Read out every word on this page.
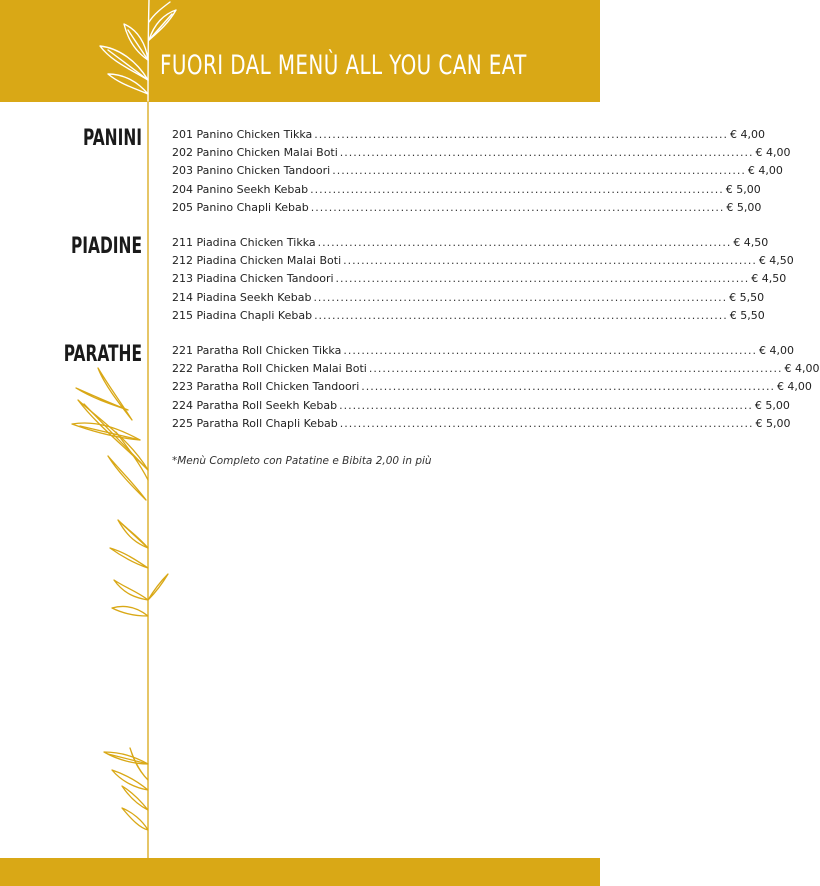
FUORI DAL MENÙ ALL YOU CAN EAT
PANINI	201 Panino Chicken Tikka ............................................................................................ € 4,00
202 Panino Chicken Malai Boti ............................................................................................ € 4,00
203 Panino Chicken Tandoori ............................................................................................ € 4,00
204 Panino Seekh Kebab ............................................................................................ € 5,00
205 Panino Chapli Kebab ............................................................................................ € 5,00
PIADINE	211 Piadina Chicken Tikka ............................................................................................ € 4,50
212 Piadina Chicken Malai Boti ............................................................................................ € 4,50
213 Piadina Chicken Tandoori ............................................................................................ € 4,50
214 Piadina Seekh Kebab ............................................................................................ € 5,50
215 Piadina Chapli Kebab ............................................................................................ € 5,50
PARATHE	221 Paratha Roll Chicken Tikka ............................................................................................ € 4,00
222 Paratha Roll Chicken Malai Boti ............................................................................................ € 4,00
223 Paratha Roll Chicken Tandoori ............................................................................................ € 4,00
224 Paratha Roll Seekh Kebab ............................................................................................ € 5,00
225 Paratha Roll Chapli Kebab ............................................................................................ € 5,00
*Menù Completo con Patatine e Bibita 2,00 in più
